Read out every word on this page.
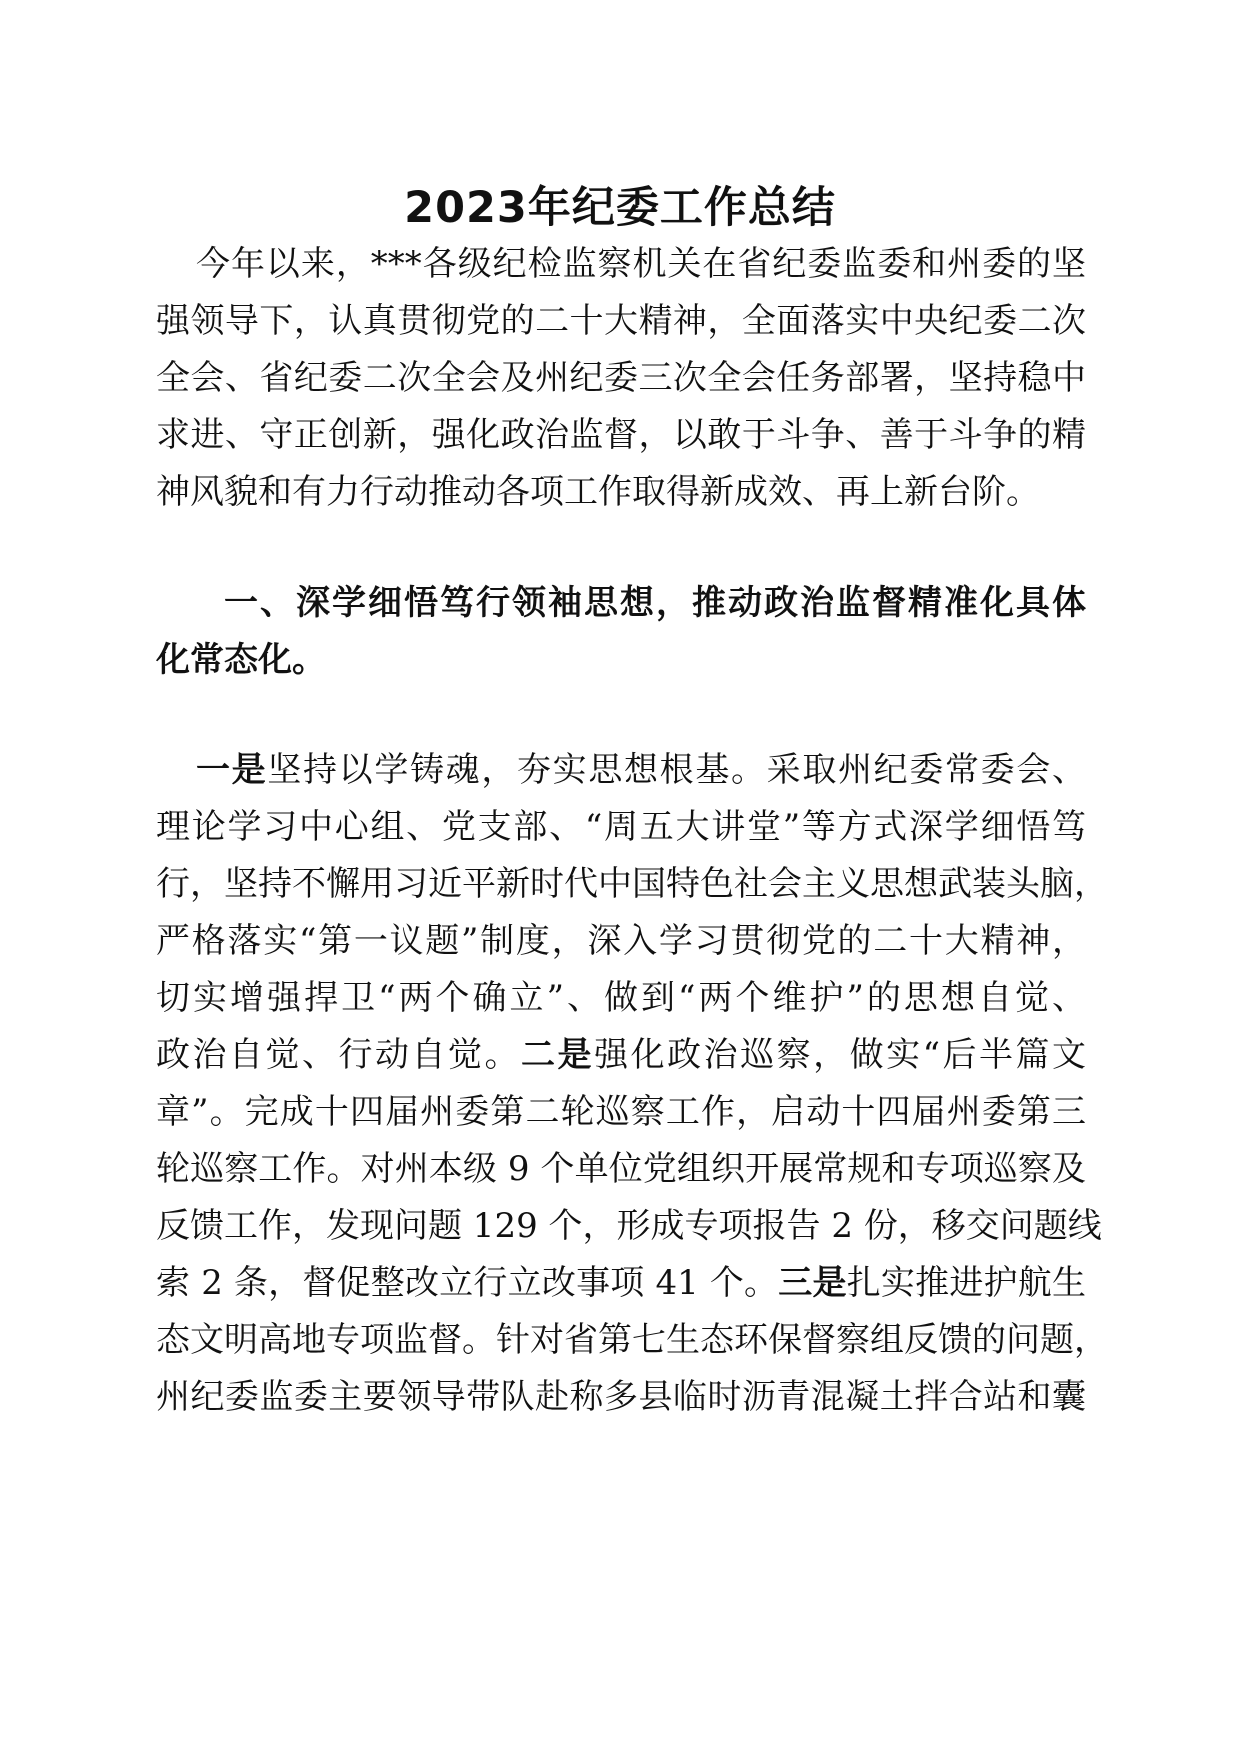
2023年纪委工作总结
今年以来，***各级纪检监察机关在省纪委监委和州委的坚
强领导下，认真贯彻党的二十大精神，全面落实中央纪委二次
全会、省纪委二次全会及州纪委三次全会任务部署，坚持稳中
求进、守正创新，强化政治监督，以敢于斗争、善于斗争的精
神风貌和有力行动推动各项工作取得新成效、再上新台阶。
一、深学细悟笃行领袖思想，推动政治监督精准化具体
化常态化。
一是坚持以学铸魂，夯实思想根基。采取州纪委常委会、
理论学习中心组、党支部、“周五大讲堂”等方式深学细悟笃
行，坚持不懈用习近平新时代中国特色社会主义思想武装头脑，
严格落实“第一议题”制度，深入学习贯彻党的二十大精神，
切实增强捍卫“两个确立”、做到“两个维护”的思想自觉、
政治自觉、行动自觉。二是强化政治巡察，做实“后半篇文
章”。完成十四届州委第二轮巡察工作，启动十四届州委第三
轮巡察工作。对州本级 9 个单位党组织开展常规和专项巡察及
反馈工作，发现问题 129 个，形成专项报告 2 份，移交问题线
索 2 条，督促整改立行立改事项 41 个。三是扎实推进护航生
态文明高地专项监督。针对省第七生态环保督察组反馈的问题，
州纪委监委主要领导带队赴称多县临时沥青混凝土拌合站和囊
